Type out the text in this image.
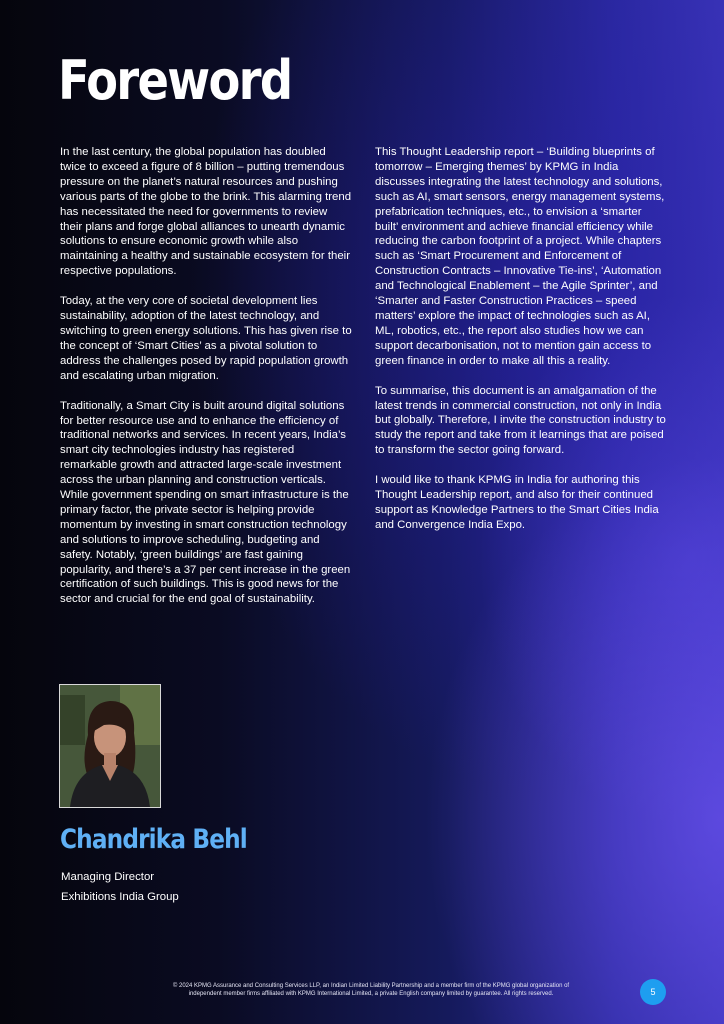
Foreword

In the last century, the global population has doubled twice to exceed a figure of 8 billion – putting tremendous pressure on the planet’s natural resources and pushing various parts of the globe to the brink. This alarming trend has necessitated the need for governments to review their plans and forge global alliances to unearth dynamic solutions to ensure economic growth while also maintaining a healthy and sustainable ecosystem for their respective populations.

Today, at the very core of societal development lies sustainability, adoption of the latest technology, and switching to green energy solutions. This has given rise to the concept of ‘Smart Cities’ as a pivotal solution to address the challenges posed by rapid population growth and escalating urban migration.

Traditionally, a Smart City is built around digital solutions for better resource use and to enhance the efficiency of traditional networks and services. In recent years, India’s smart city technologies industry has registered remarkable growth and attracted large-scale investment across the urban planning and construction verticals. While government spending on smart infrastructure is the primary factor, the private sector is helping provide momentum by investing in smart construction technology and solutions to improve scheduling, budgeting and safety. Notably, ‘green buildings’ are fast gaining popularity, and there’s a 37 per cent increase in the green certification of such buildings. This is good news for the sector and crucial for the end goal of sustainability.

This Thought Leadership report – ‘Building blueprints of tomorrow – Emerging themes’ by KPMG in India discusses integrating the latest technology and solutions, such as AI, smart sensors, energy management systems, prefabrication techniques, etc., to envision a ‘smarter built’ environment and achieve financial efficiency while reducing the carbon footprint of a project. While chapters such as ‘Smart Procurement and Enforcement of Construction Contracts – Innovative Tie-ins’, ‘Automation and Technological Enablement – the Agile Sprinter’, and ‘Smarter and Faster Construction Practices – speed matters’ explore the impact of technologies such as AI, ML, robotics, etc., the report also studies how we can support decarbonisation, not to mention gain access to green finance in order to make all this a reality.

To summarise, this document is an amalgamation of the latest trends in commercial construction, not only in India but globally. Therefore, I invite the construction industry to study the report and take from it learnings that are poised to transform the sector going forward.

I would like to thank KPMG in India for authoring this Thought Leadership report, and also for their continued support as Knowledge Partners to the Smart Cities India and Convergence India Expo.

Chandrika Behl
Managing Director
Exhibitions India Group
© 2024 KPMG Assurance and Consulting Services LLP, an Indian Limited Liability Partnership and a member firm of the KPMG global organization of
independent member firms affiliated with KPMG International Limited, a private English company limited by guarantee. All rights reserved.	5
